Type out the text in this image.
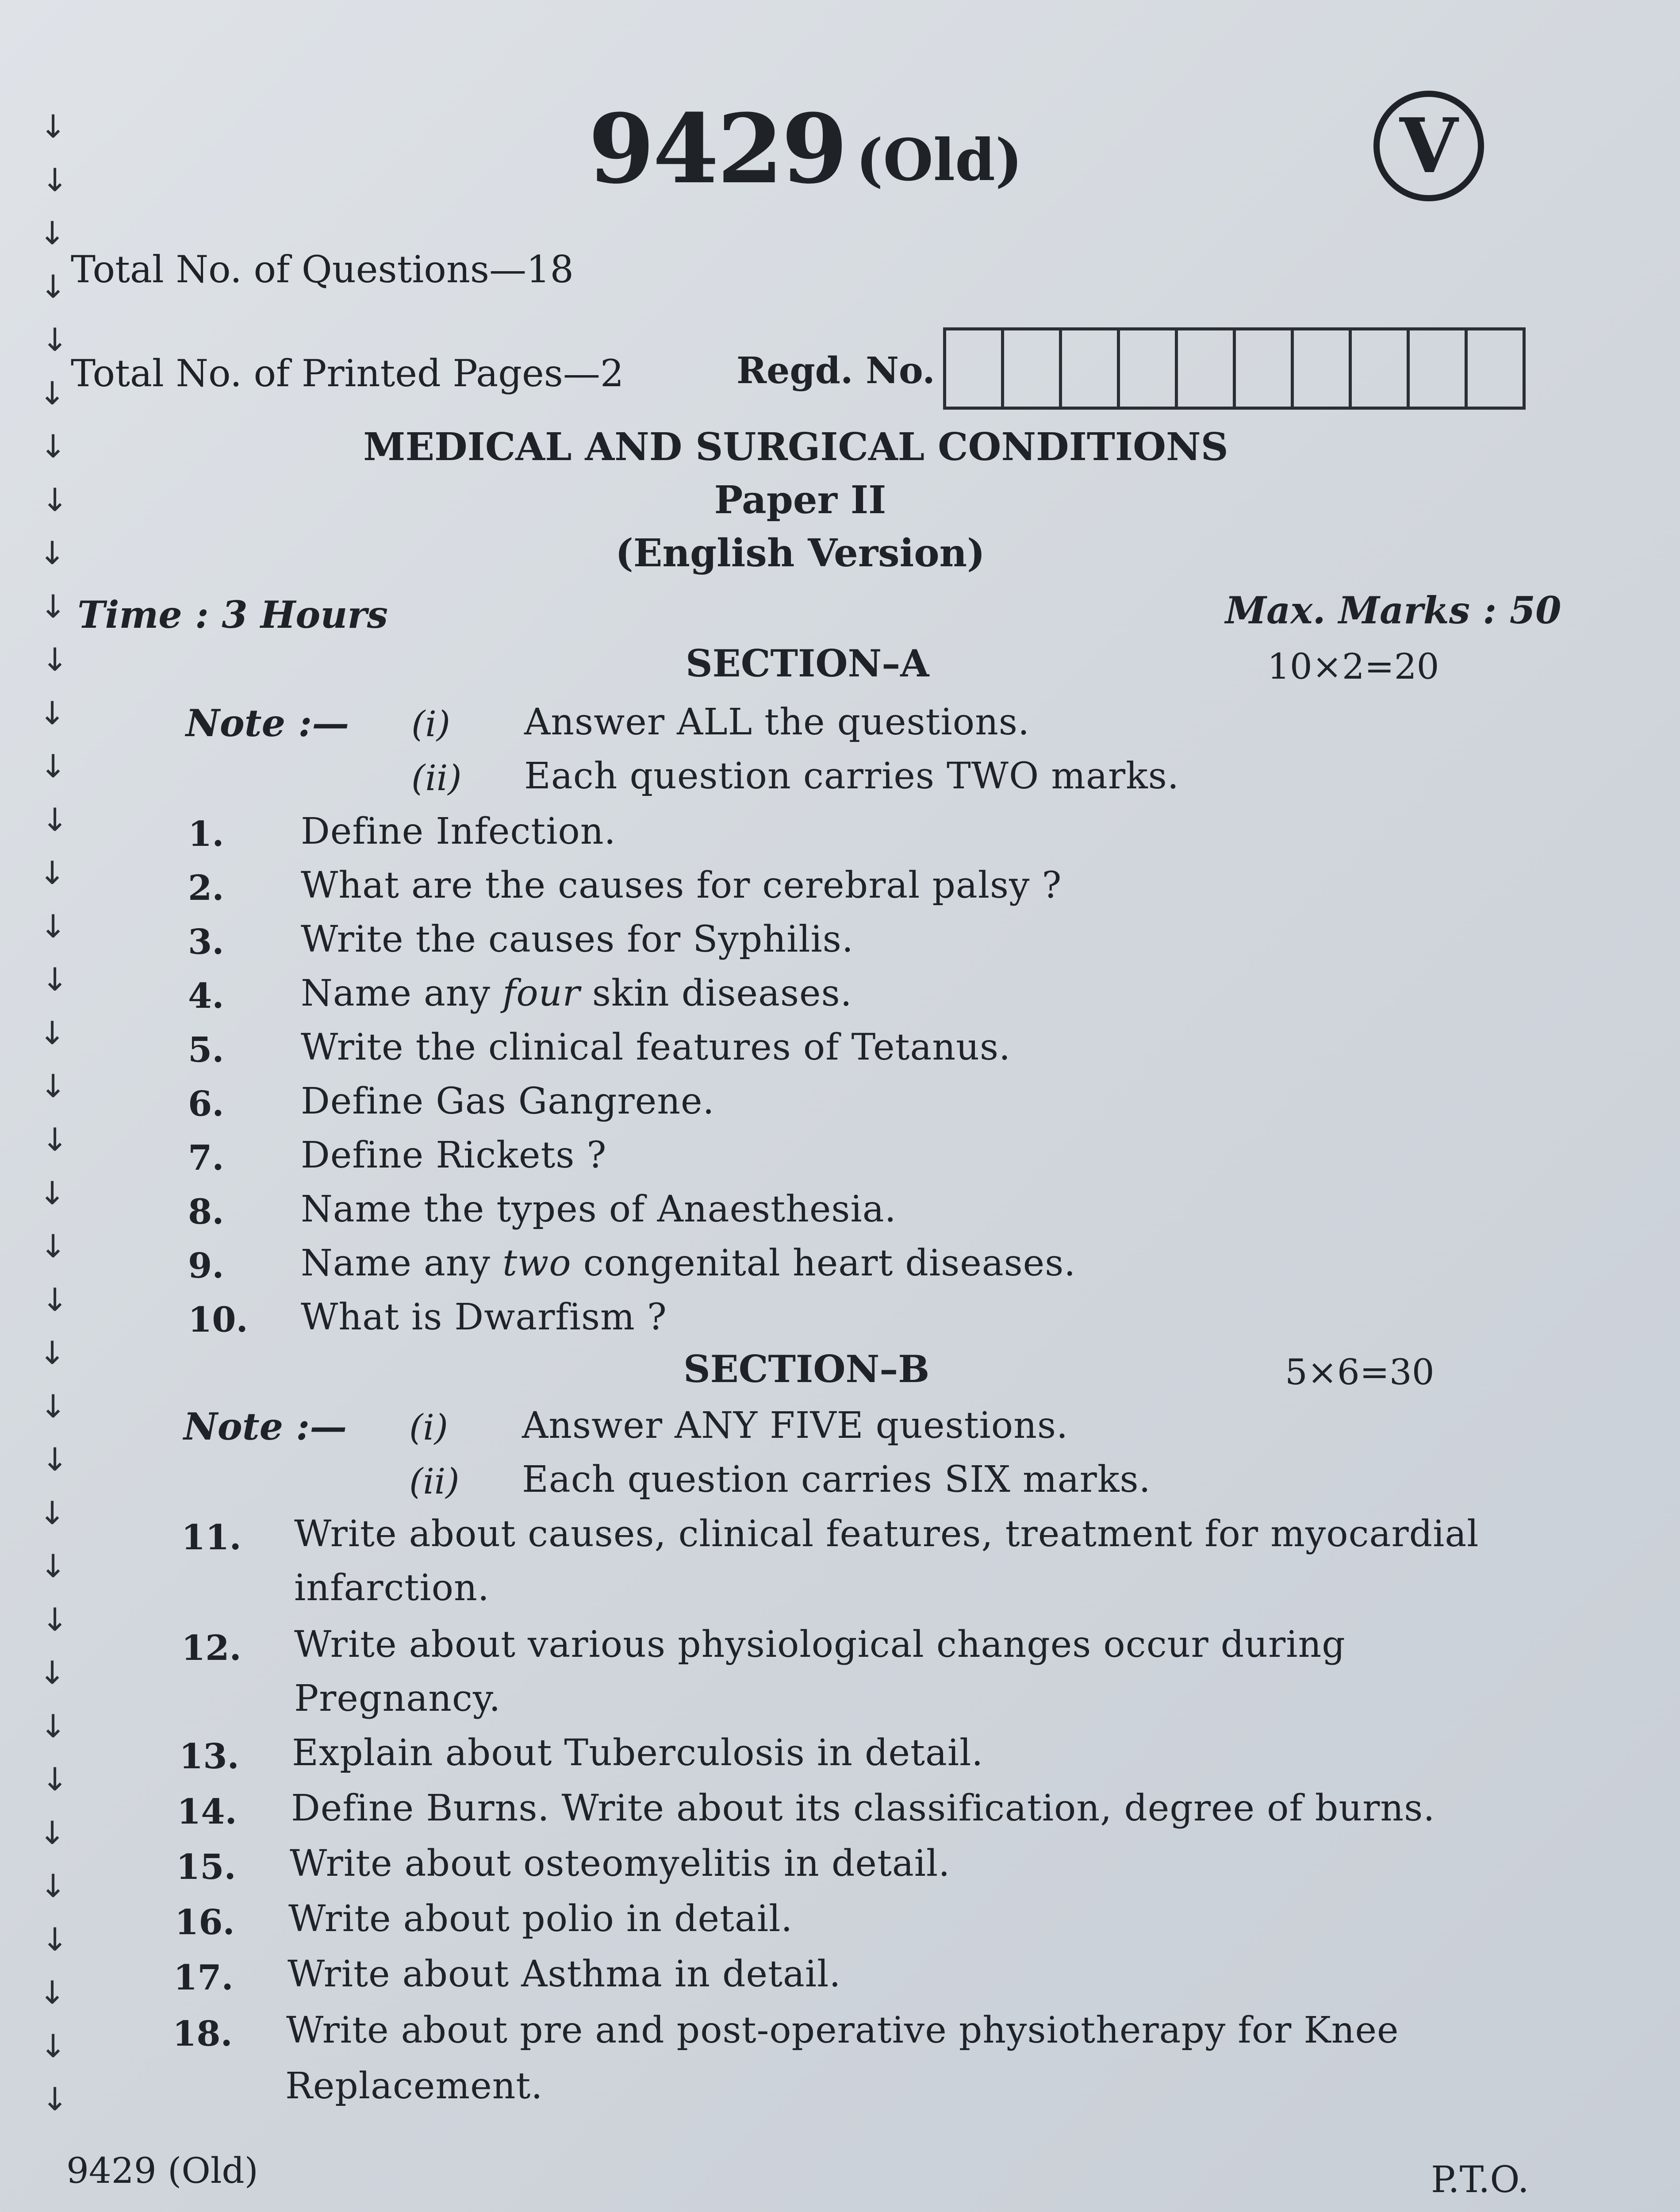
↓
↓
↓
↓
↓
↓
↓
↓
↓
↓
↓
↓
↓
↓
↓
↓
↓
↓
↓
↓
↓
↓
↓
↓
↓
↓
↓
↓
↓
↓
↓
↓
↓
↓
↓
↓
↓
↓
9429 (Old)	V
Total No. of Questions—18
Total No. of Printed Pages—2	Regd. No.
MEDICAL AND SURGICAL CONDITIONS
Paper II
(English Version)
Time : 3 Hours	Max. Marks : 50
SECTION–A	10×2=20
Note :— (i) Answer ALL the questions.
(ii) Each question carries TWO marks.
1. Define Infection.
2. What are the causes for cerebral palsy ?
3. Write the causes for Syphilis.
4. Name any four skin diseases.
5. Write the clinical features of Tetanus.
6. Define Gas Gangrene.
7. Define Rickets ?
8. Name the types of Anaesthesia.
9. Name any two congenital heart diseases.
10. What is Dwarfism ?
SECTION–B	5×6=30
Note :— (i) Answer ANY FIVE questions.
(ii) Each question carries SIX marks.
11. Write about causes, clinical features, treatment for myocardial
infarction.
12. Write about various physiological changes occur during
Pregnancy.
13. Explain about Tuberculosis in detail.
14. Define Burns. Write about its classification, degree of burns.
15. Write about osteomyelitis in detail.
16. Write about polio in detail.
17. Write about Asthma in detail.
18. Write about pre and post-operative physiotherapy for Knee
Replacement.
9429 (Old)	P.T.O.
